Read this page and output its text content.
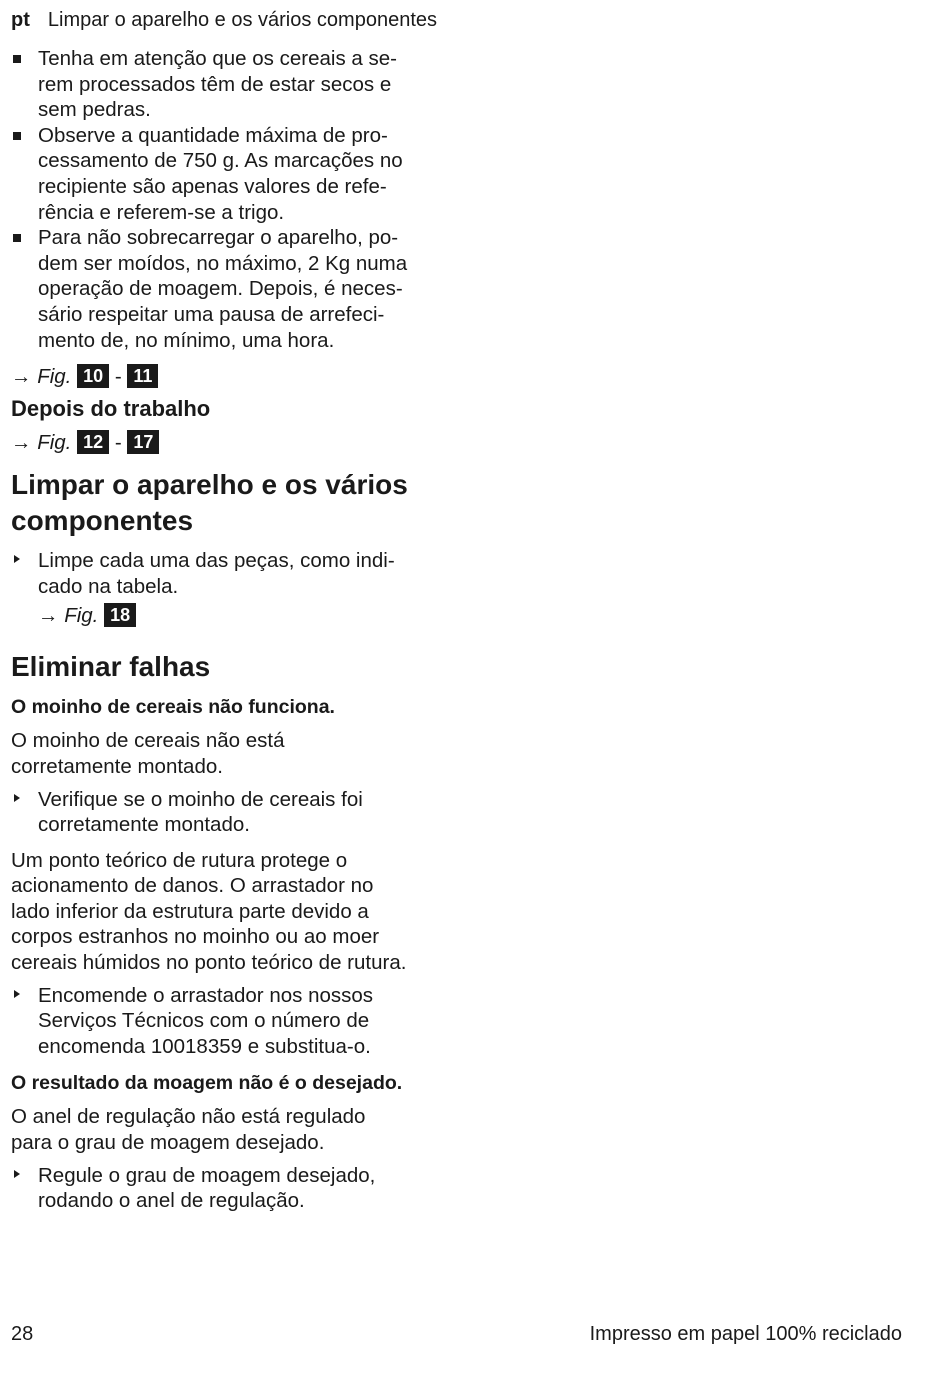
pt Limpar o aparelho e os vários componentes
Tenha em atenção que os cereais a se-
rem processados têm de estar secos e
sem pedras.
Observe a quantidade máxima de pro-
cessamento de 750 g. As marcações no
recipiente são apenas valores de refe-
rência e referem-se a trigo.
Para não sobrecarregar o aparelho, po-
dem ser moídos, no máximo, 2 Kg numa
operação de moagem. Depois, é neces-
sário respeitar uma pausa de arrefeci-
mento de, no mínimo, uma hora.
→ Fig. 10 - 11
Depois do trabalho
→ Fig. 12 - 17
Limpar o aparelho e os vários
componentes
Limpe cada uma das peças, como indi-
cado na tabela.
→ Fig. 18
Eliminar falhas
O moinho de cereais não funciona.
O moinho de cereais não está
corretamente montado.
Verifique se o moinho de cereais foi
corretamente montado.
Um ponto teórico de rutura protege o
acionamento de danos. O arrastador no
lado inferior da estrutura parte devido a
corpos estranhos no moinho ou ao moer
cereais húmidos no ponto teórico de rutura.
Encomende o arrastador nos nossos
Serviços Técnicos com o número de
encomenda 10018359 e substitua-o.
O resultado da moagem não é o desejado.
O anel de regulação não está regulado
para o grau de moagem desejado.
Regule o grau de moagem desejado,
rodando o anel de regulação.
28	Impresso em papel 100% reciclado
